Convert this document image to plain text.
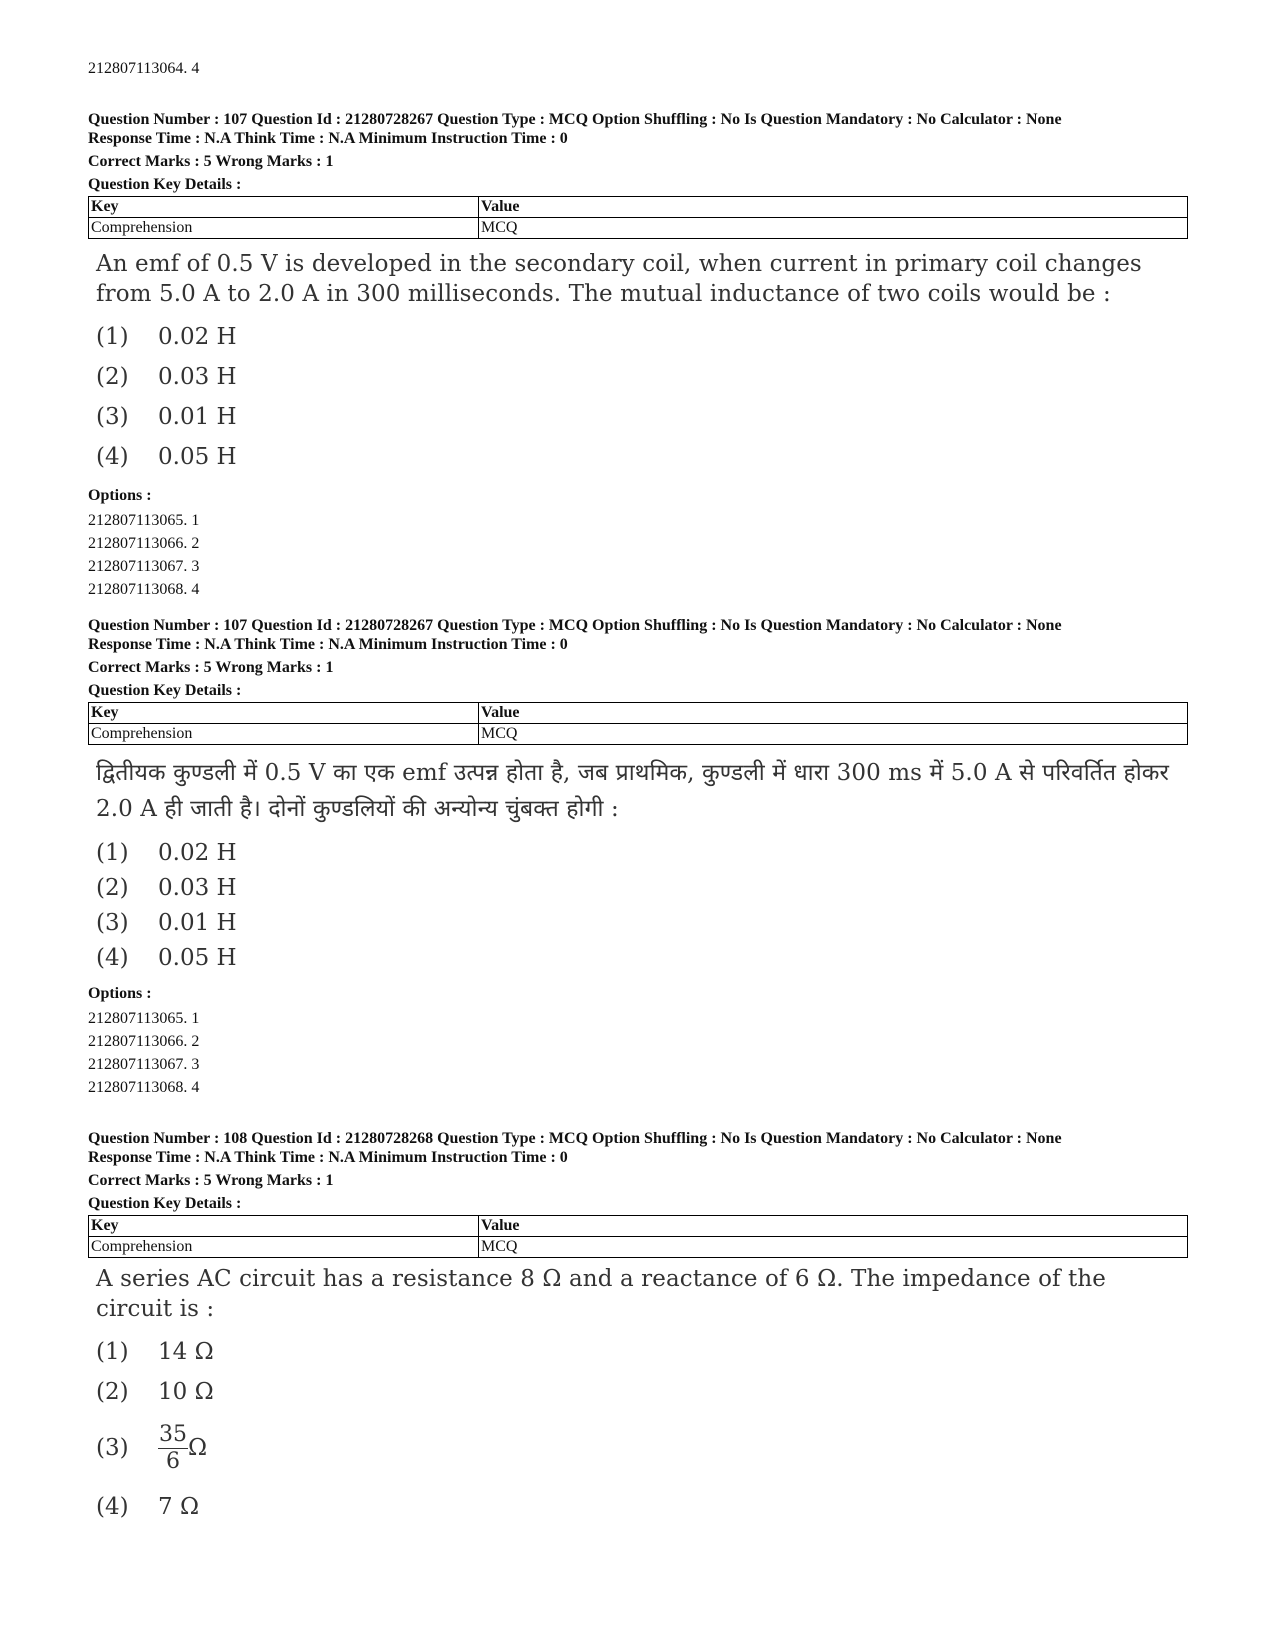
212807113064. 4
Question Number : 107 Question Id : 21280728267 Question Type : MCQ Option Shuffling : No Is Question Mandatory : No Calculator : None
Response Time : N.A Think Time : N.A Minimum Instruction Time : 0
Correct Marks : 5 Wrong Marks : 1
Question Key Details :
Key	Value
Comprehension	MCQ
An emf of 0.5 V is developed in the secondary coil, when current in primary coil changes from 5.0 A to 2.0 A in 300 milliseconds. The mutual inductance of two coils would be :
(1)	0.02 H
(2)	0.03 H
(3)	0.01 H
(4)	0.05 H
Options :
212807113065. 1
212807113066. 2
212807113067. 3
212807113068. 4
Question Number : 107 Question Id : 21280728267 Question Type : MCQ Option Shuffling : No Is Question Mandatory : No Calculator : None
Response Time : N.A Think Time : N.A Minimum Instruction Time : 0
Correct Marks : 5 Wrong Marks : 1
Question Key Details :
Key	Value
Comprehension	MCQ
द्वितीयक कुण्डली में 0.5 V का एक emf उत्पन्न होता है, जब प्राथमिक, कुण्डली में धारा 300 ms में 5.0 A से परिवर्तित होकर 2.0 A ही जाती है। दोनों कुण्डलियों की अन्योन्य चुंबक्त होगी :
(1)	0.02 H
(2)	0.03 H
(3)	0.01 H
(4)	0.05 H
Options :
212807113065. 1
212807113066. 2
212807113067. 3
212807113068. 4
Question Number : 108 Question Id : 21280728268 Question Type : MCQ Option Shuffling : No Is Question Mandatory : No Calculator : None
Response Time : N.A Think Time : N.A Minimum Instruction Time : 0
Correct Marks : 5 Wrong Marks : 1
Question Key Details :
Key	Value
Comprehension	MCQ
A series AC circuit has a resistance 8 Ω and a reactance of 6 Ω. The impedance of the circuit is :
(1)	14 Ω
(2)	10 Ω
(3)	$\frac{35}{6}$ Ω
(4)	7 Ω
